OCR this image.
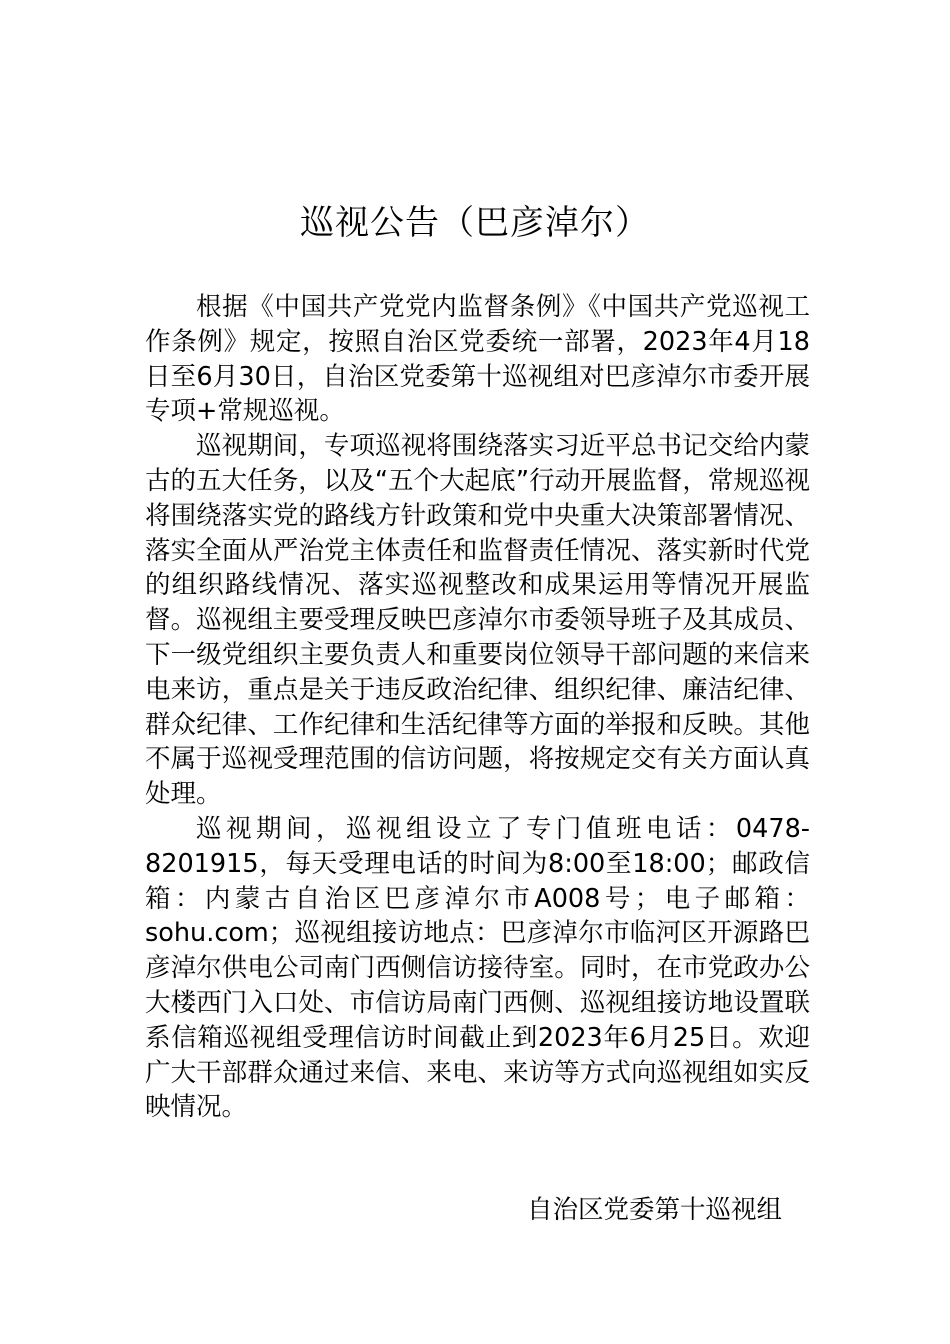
巡视公告（巴彦淖尔）

根据《中国共产党党内监督条例》《中国共产党巡视工作条例》规定，按照自治区党委统一部署，2023年4月18日至6月30日，自治区党委第十巡视组对巴彦淖尔市委开展专项+常规巡视。

巡视期间，专项巡视将围绕落实习近平总书记交给内蒙古的五大任务，以及“五个大起底”行动开展监督，常规巡视将围绕落实党的路线方针政策和党中央重大决策部署情况、落实全面从严治党主体责任和监督责任情况、落实新时代党的组织路线情况、落实巡视整改和成果运用等情况开展监督。巡视组主要受理反映巴彦淖尔市委领导班子及其成员、下一级党组织主要负责人和重要岗位领导干部问题的来信来电来访，重点是关于违反政治纪律、组织纪律、廉洁纪律、群众纪律、工作纪律和生活纪律等方面的举报和反映。其他不属于巡视受理范围的信访问题，将按规定交有关方面认真处理。

巡视期间，巡视组设立了专门值班电话：0478-8201915，每天受理电话的时间为8:00至18:00；邮政信箱：内蒙古自治区巴彦淖尔市A008号；电子邮箱：sohu.com；巡视组接访地点：巴彦淖尔市临河区开源路巴彦淖尔供电公司南门西侧信访接待室。同时，在市党政办公大楼西门入口处、市信访局南门西侧、巡视组接访地设置联系信箱巡视组受理信访时间截止到2023年6月25日。欢迎广大干部群众通过来信、来电、来访等方式向巡视组如实反映情况。

自治区党委第十巡视组
